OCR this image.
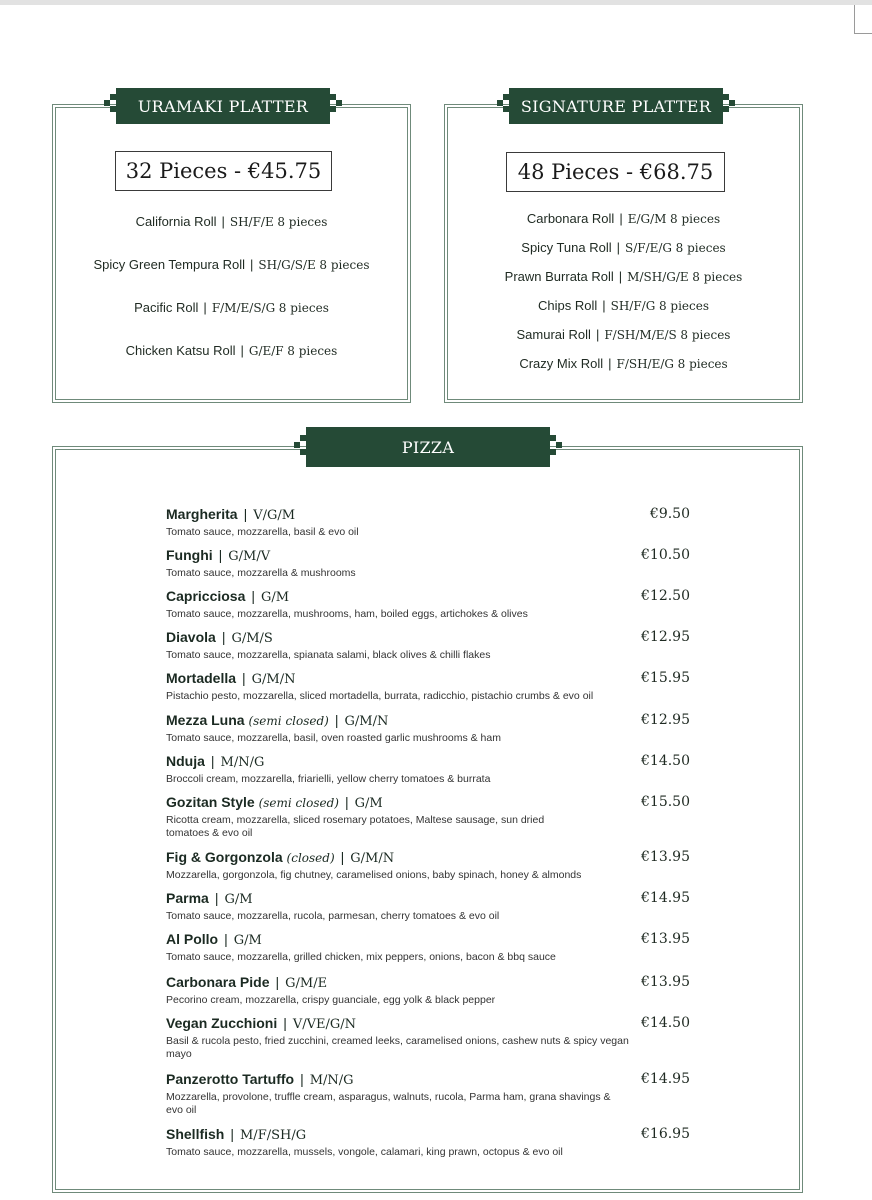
URAMAKI PLATTER
32 Pieces - €45.75
California Roll | SH/F/E 8 pieces
Spicy Green Tempura Roll | SH/G/S/E 8 pieces
Pacific Roll | F/M/E/S/G 8 pieces
Chicken Katsu Roll | G/E/F 8 pieces
SIGNATURE PLATTER
48 Pieces - €68.75
Carbonara Roll | E/G/M 8 pieces
Spicy Tuna Roll | S/F/E/G 8 pieces
Prawn Burrata Roll | M/SH/G/E 8 pieces
Chips Roll | SH/F/G 8 pieces
Samurai Roll | F/SH/M/E/S 8 pieces
Crazy Mix Roll | F/SH/E/G 8 pieces
PIZZA
Margherita | V/G/M	€9.50
Tomato sauce, mozzarella, basil & evo oil
Funghi | G/M/V	€10.50
Tomato sauce, mozzarella & mushrooms
Capricciosa | G/M	€12.50
Tomato sauce, mozzarella, mushrooms, ham, boiled eggs, artichokes & olives
Diavola | G/M/S	€12.95
Tomato sauce, mozzarella, spianata salami, black olives & chilli flakes
Mortadella | G/M/N	€15.95
Pistachio pesto, mozzarella, sliced mortadella, burrata, radicchio, pistachio crumbs & evo oil
Mezza Luna (semi closed) | G/M/N	€12.95
Tomato sauce, mozzarella, basil, oven roasted garlic mushrooms & ham
Nduja | M/N/G	€14.50
Broccoli cream, mozzarella, friarielli, yellow cherry tomatoes & burrata
Gozitan Style (semi closed) | G/M	€15.50
Ricotta cream, mozzarella, sliced rosemary potatoes, Maltese sausage, sun dried tomatoes & evo oil
Fig & Gorgonzola (closed) | G/M/N	€13.95
Mozzarella, gorgonzola, fig chutney, caramelised onions, baby spinach, honey & almonds
Parma | G/M	€14.95
Tomato sauce, mozzarella, rucola, parmesan, cherry tomatoes & evo oil
Al Pollo | G/M	€13.95
Tomato sauce, mozzarella, grilled chicken, mix peppers, onions, bacon & bbq sauce
Carbonara Pide | G/M/E	€13.95
Pecorino cream, mozzarella, crispy guanciale, egg yolk & black pepper
Vegan Zucchioni | V/VE/G/N	€14.50
Basil & rucola pesto, fried zucchini, creamed leeks, caramelised onions, cashew nuts & spicy vegan mayo
Panzerotto Tartuffo | M/N/G	€14.95
Mozzarella, provolone, truffle cream, asparagus, walnuts, rucola, Parma ham, grana shavings & evo oil
Shellfish | M/F/SH/G	€16.95
Tomato sauce, mozzarella, mussels, vongole, calamari, king prawn, octopus & evo oil
